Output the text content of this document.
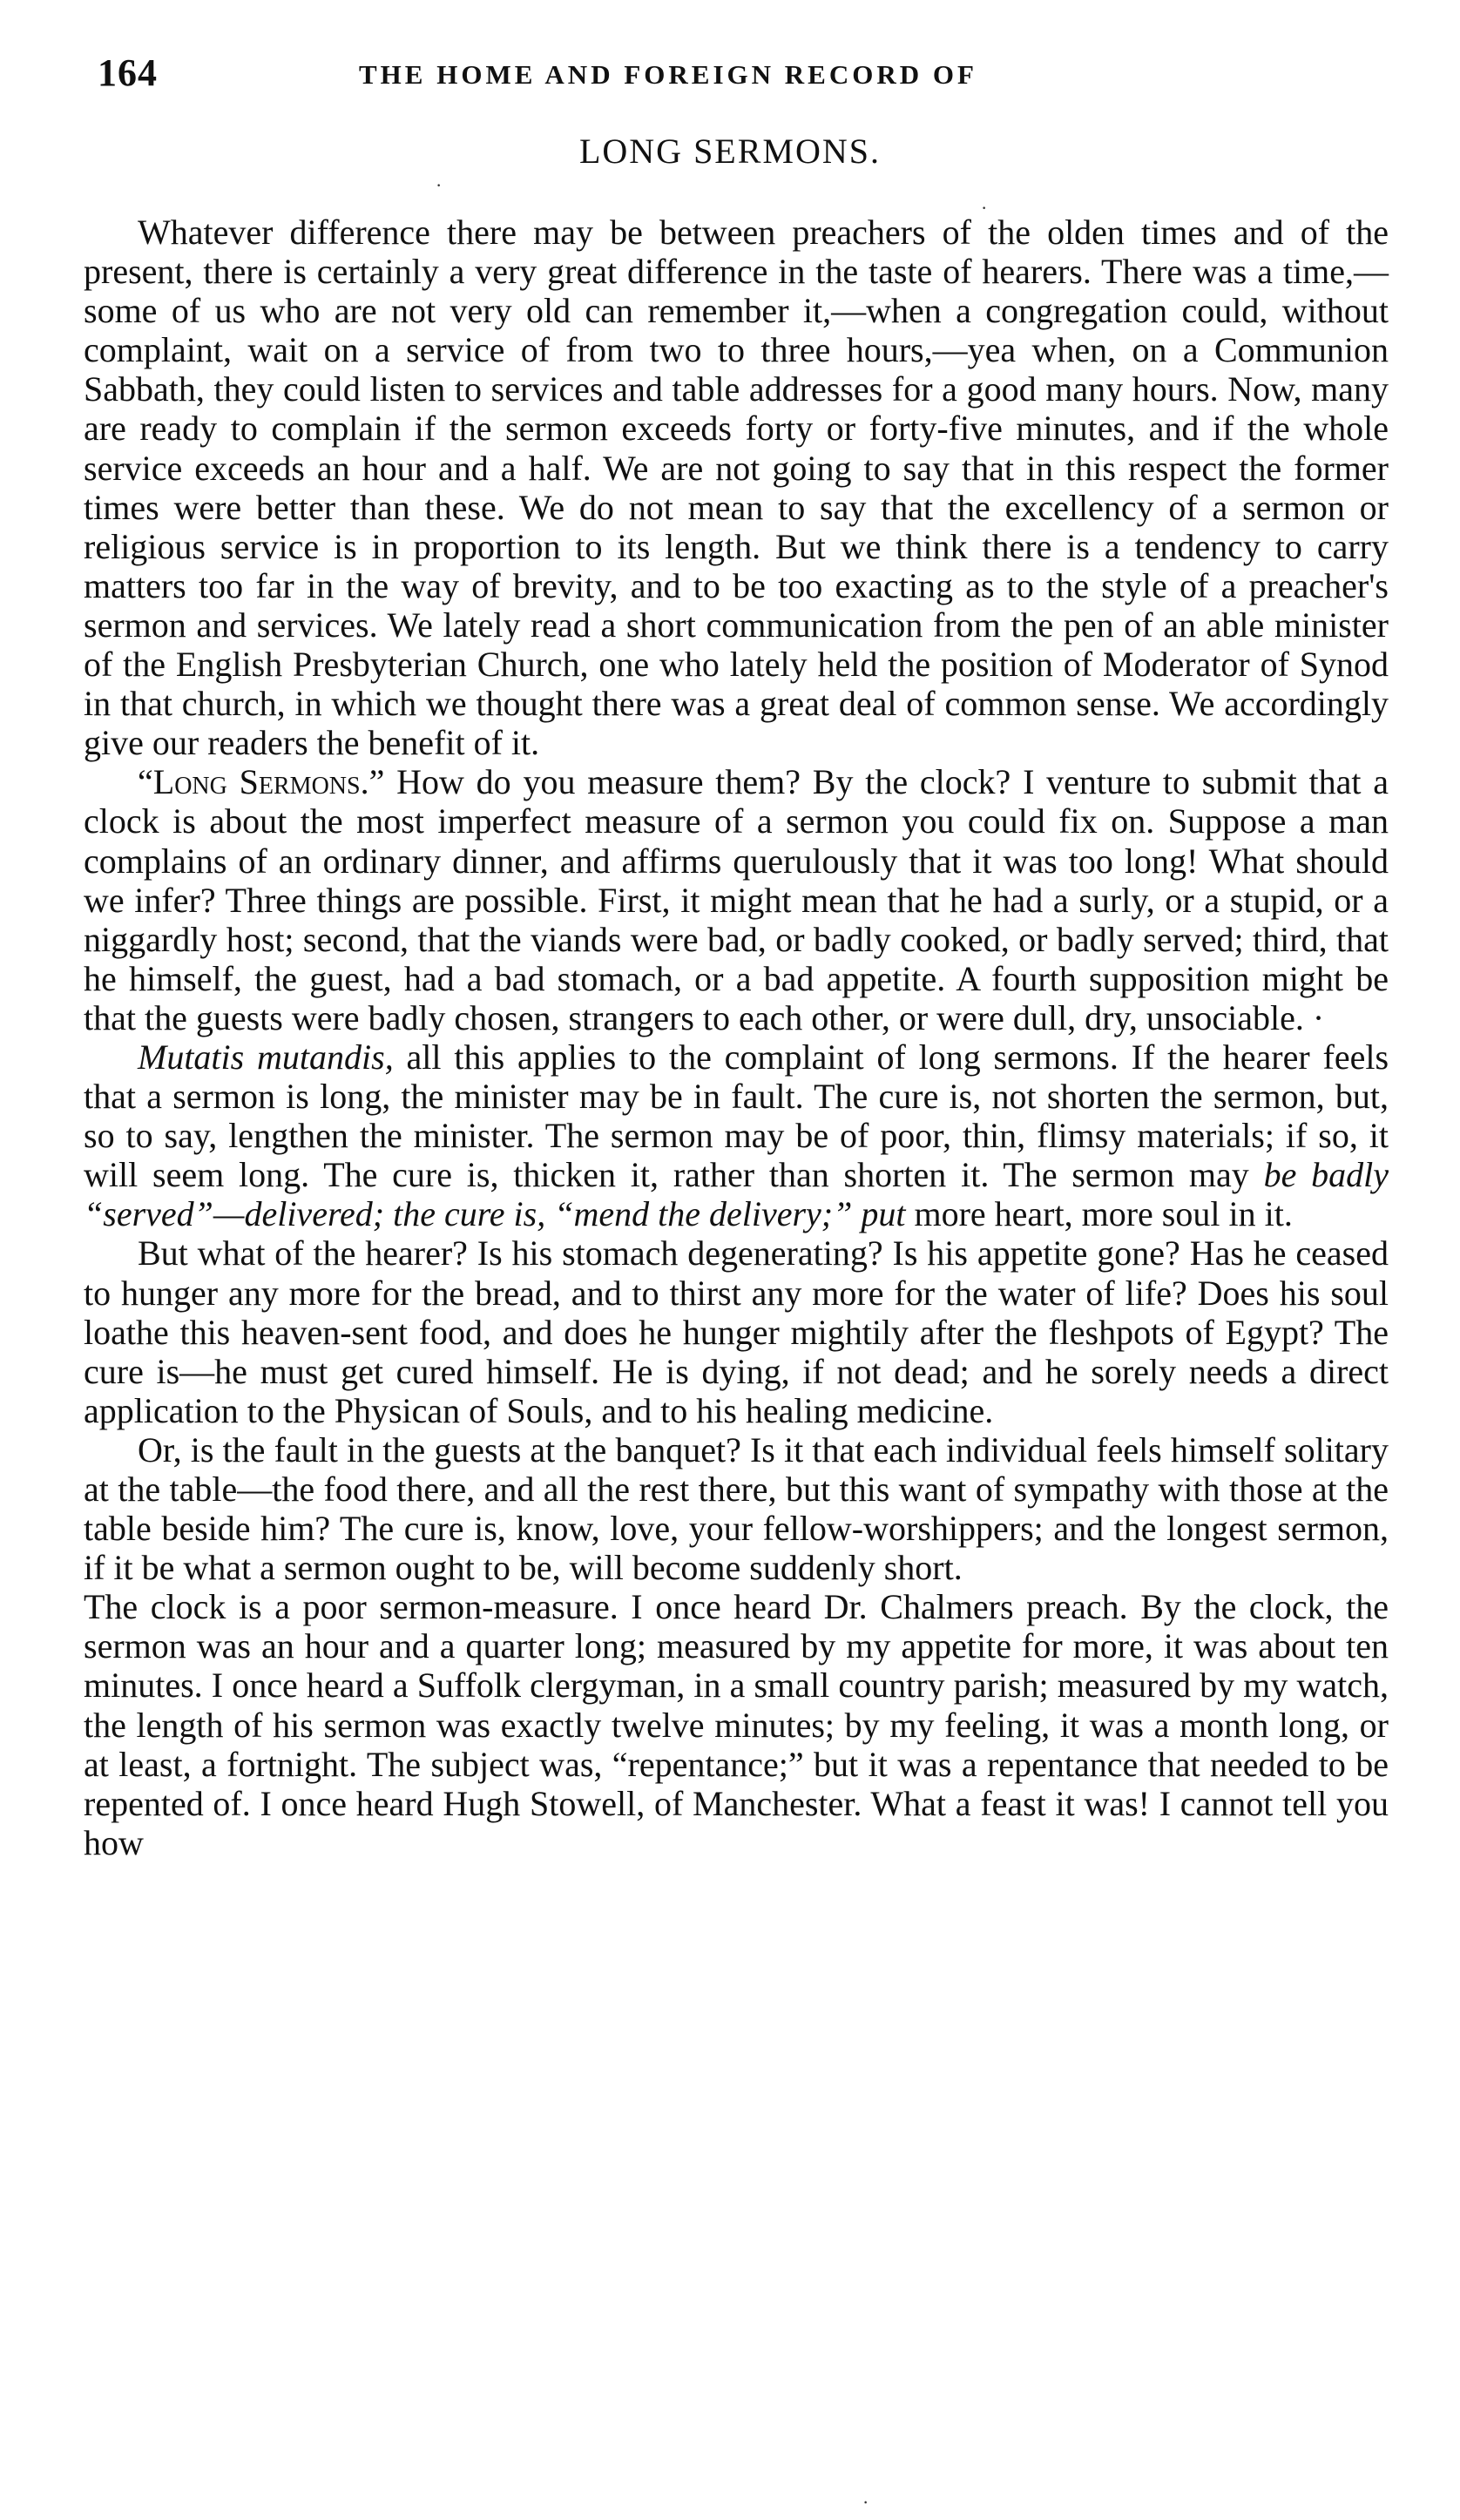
164	THE HOME AND FOREIGN RECORD OF
LONG SERMONS.
·
·
·

Whatever difference there may be between preachers of the olden times and of the present, there is certainly a very great difference in the taste of hearers. There was a time,—some of us who are not very old can remember it,—when a congregation could, without complaint, wait on a service of from two to three hours,—yea when, on a Communion Sabbath, they could listen to services and table addresses for a good many hours. Now, many are ready to complain if the sermon exceeds forty or forty-five minutes, and if the whole service exceeds an hour and a half. We are not going to say that in this respect the former times were better than these. We do not mean to say that the excellency of a sermon or religious service is in proportion to its length. But we think there is a tendency to carry matters too far in the way of brevity, and to be too exacting as to the style of a preacher's sermon and services. We lately read a short communication from the pen of an able minister of the English Presbyterian Church, one who lately held the position of Moderator of Synod in that church, in which we thought there was a great deal of common sense. We accordingly give our readers the benefit of it.

“Long Sermons.” How do you measure them? By the clock? I venture to submit that a clock is about the most imperfect measure of a sermon you could fix on. Suppose a man complains of an ordinary dinner, and affirms querulously that it was too long! What should we infer? Three things are possible. First, it might mean that he had a surly, or a stupid, or a niggardly host; second, that the viands were bad, or badly cooked, or badly served; third, that he himself, the guest, had a bad stomach, or a bad appetite. A fourth supposition might be that the guests were badly chosen, strangers to each other, or were dull, dry, unsociable. ·

Mutatis mutandis, all this applies to the complaint of long sermons. If the hearer feels that a sermon is long, the minister may be in fault. The cure is, not shorten the sermon, but, so to say, lengthen the minister. The sermon may be of poor, thin, flimsy materials; if so, it will seem long. The cure is, thicken it, rather than shorten it. The sermon may be badly “served”—delivered; the cure is, “mend the delivery;” put more heart, more soul in it.

But what of the hearer? Is his stomach degenerating? Is his appetite gone? Has he ceased to hunger any more for the bread, and to thirst any more for the water of life? Does his soul loathe this heaven-sent food, and does he hunger mightily after the fleshpots of Egypt? The cure is—he must get cured himself. He is dying, if not dead; and he sorely needs a direct application to the Physican of Souls, and to his healing medicine.

Or, is the fault in the guests at the banquet? Is it that each individual feels himself solitary at the table—the food there, and all the rest there, but this want of sympathy with those at the table beside him? The cure is, know, love, your fellow-worshippers; and the longest sermon, if it be what a sermon ought to be, will become suddenly short.

The clock is a poor sermon-measure. I once heard Dr. Chalmers preach. By the clock, the sermon was an hour and a quarter long; measured by my appetite for more, it was about ten minutes. I once heard a Suffolk clergyman, in a small country parish; measured by my watch, the length of his sermon was exactly twelve minutes; by my feeling, it was a month long, or at least, a fortnight. The subject was, “repentance;” but it was a repentance that needed to be repented of. I once heard Hugh Stowell, of Manchester. What a feast it was! I cannot tell you how
